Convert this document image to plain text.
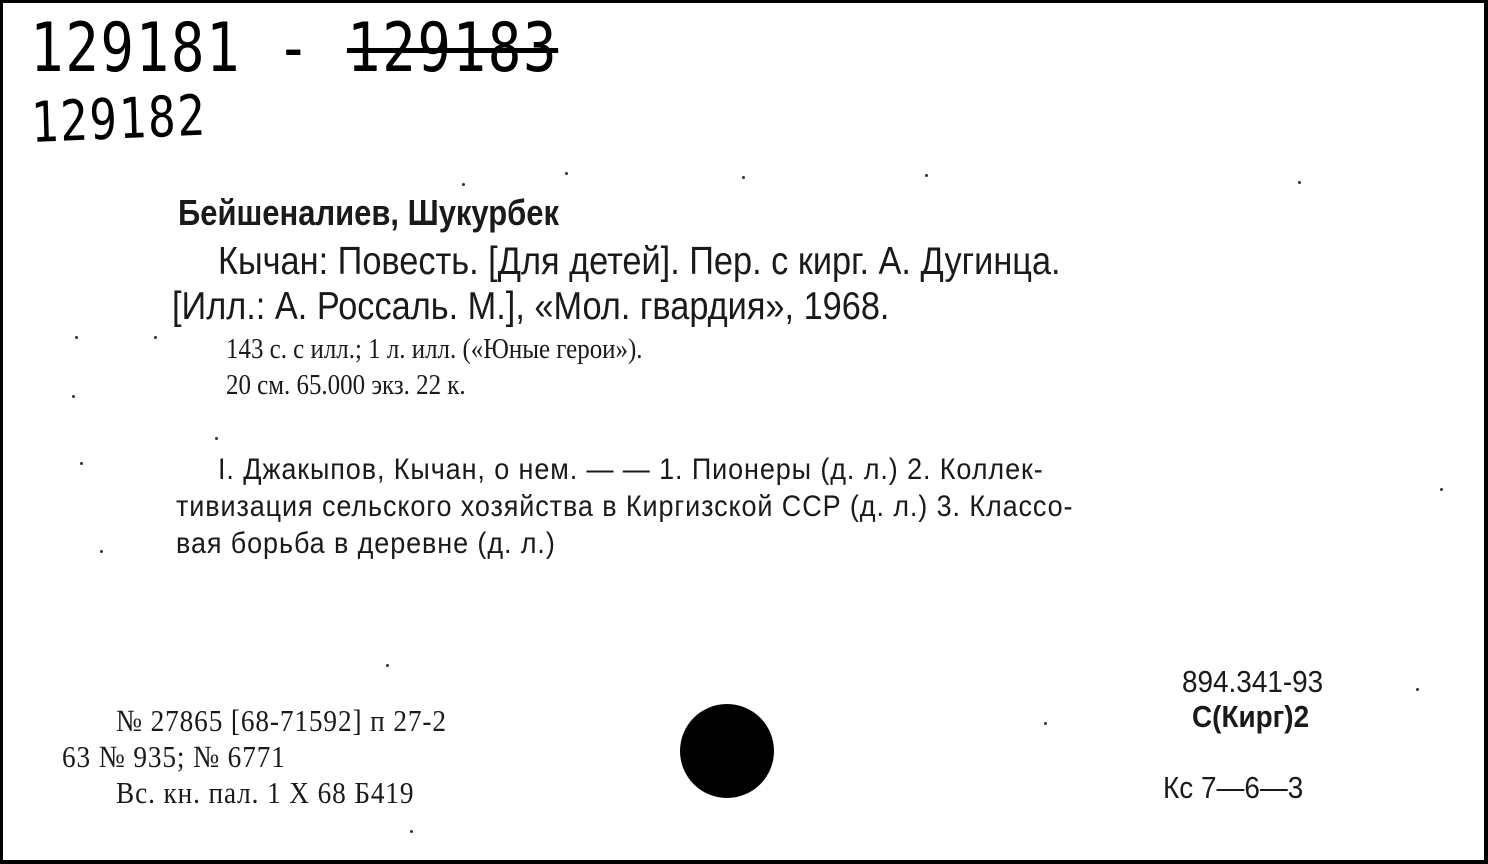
129181 - 129183
129182
Бейшеналиев, Шукурбек
Кычан: Повесть. [Для детей]. Пер. с кирг. А. Дугинца.
[Илл.: А. Россаль. М.], «Мол. гвардия», 1968.
143 с. с илл.; 1 л. илл. («Юные герои»).
20 см. 65.000 экз. 22 к.
I. Джакыпов, Кычан, о нем. — — 1. Пионеры (д. л.) 2. Коллек-
тивизация сельского хозяйства в Киргизской ССР (д. л.) 3. Классо-
вая борьба в деревне (д. л.)
894.341-93
С(Кирг)2
Кс 7—6—3
№ 27865 [68-71592] п 27-2
63 № 935; № 6771
Вс. кн. пал. 1 X 68 Б419
